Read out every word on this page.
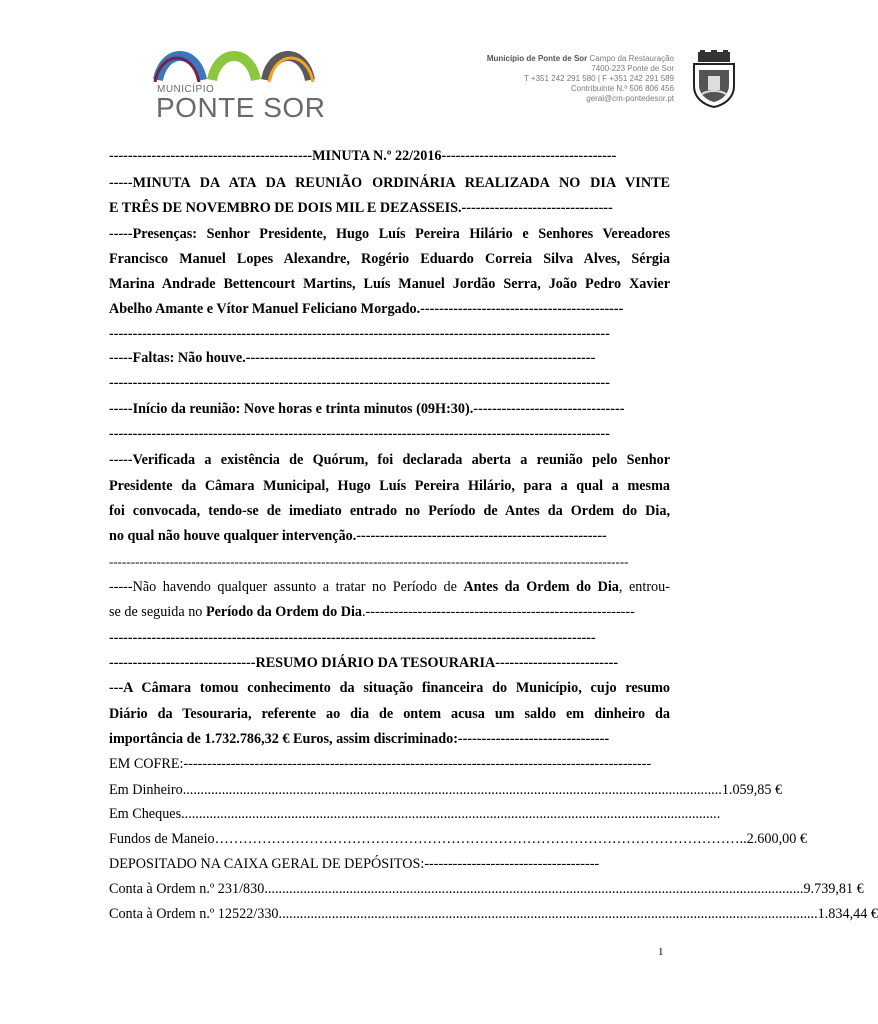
MUNICÍPIO
PONTE SOR
Município de Ponte de Sor Campo da Restauração
7400-223 Ponte de Sor
T +351 242 291 580 | F +351 242 291 589
Contribuinte N.º 506 806 456
geral@cm-pontedesor.pt
-------------------------------------------MINUTA N.º 22/2016-------------------------------------
-----MINUTA DA ATA DA REUNIÃO ORDINÁRIA REALIZADA NO DIA VINTE
E TRÊS DE NOVEMBRO DE DOIS MIL E DEZASSEIS.--------------------------------
-----Presenças: Senhor Presidente, Hugo Luís Pereira Hilário e Senhores Vereadores
Francisco Manuel Lopes Alexandre, Rogério Eduardo Correia Silva Alves, Sérgia
Marina Andrade Bettencourt Martins, Luís Manuel Jordão Serra, João Pedro Xavier
Abelho Amante e Vítor Manuel Feliciano Morgado.-------------------------------------------
----------------------------------------------------------------------------------------------------------
-----Faltas: Não houve.--------------------------------------------------------------------------
----------------------------------------------------------------------------------------------------------
-----Início da reunião: Nove horas e trinta minutos (09H:30).--------------------------------
----------------------------------------------------------------------------------------------------------
-----Verificada a existência de Quórum, foi declarada aberta a reunião pelo Senhor
Presidente da Câmara Municipal, Hugo Luís Pereira Hilário, para a qual a mesma
foi convocada, tendo-se de imediato entrado no Período de Antes da Ordem do Dia,
no qual não houve qualquer intervenção.-----------------------------------------------------
------------------------------------------------------------------------------------------------------------------------
-----Não havendo qualquer assunto a tratar no Período de Antes da Ordem do Dia, entrou-
se de seguida no Período da Ordem do Dia.---------------------------------------------------------
-------------------------------------------------------------------------------------------------------
-------------------------------RESUMO DIÁRIO DA TESOURARIA--------------------------
---A Câmara tomou conhecimento da situação financeira do Município, cujo resumo
Diário da Tesouraria, referente ao dia de ontem acusa um saldo em dinheiro da
importância de 1.732.786,32 € Euros, assim discriminado:--------------------------------
EM COFRE:---------------------------------------------------------------------------------------------------
Em Dinheiro ........................................................................................................................................................ 1.059,85 €
Em Cheques ........................................................................................................................................................
Fundos de Maneio ………………………………………………………………………………………………… ..2.600,00 €
DEPOSITADO NA CAIXA GERAL DE DEPÓSITOS:-------------------------------------
Conta à Ordem n.º 231/830 ........................................................................................................................................................ 9.739,81 €
Conta à Ordem n.º 12522/330 ........................................................................................................................................................ 1.834,44 €
1
